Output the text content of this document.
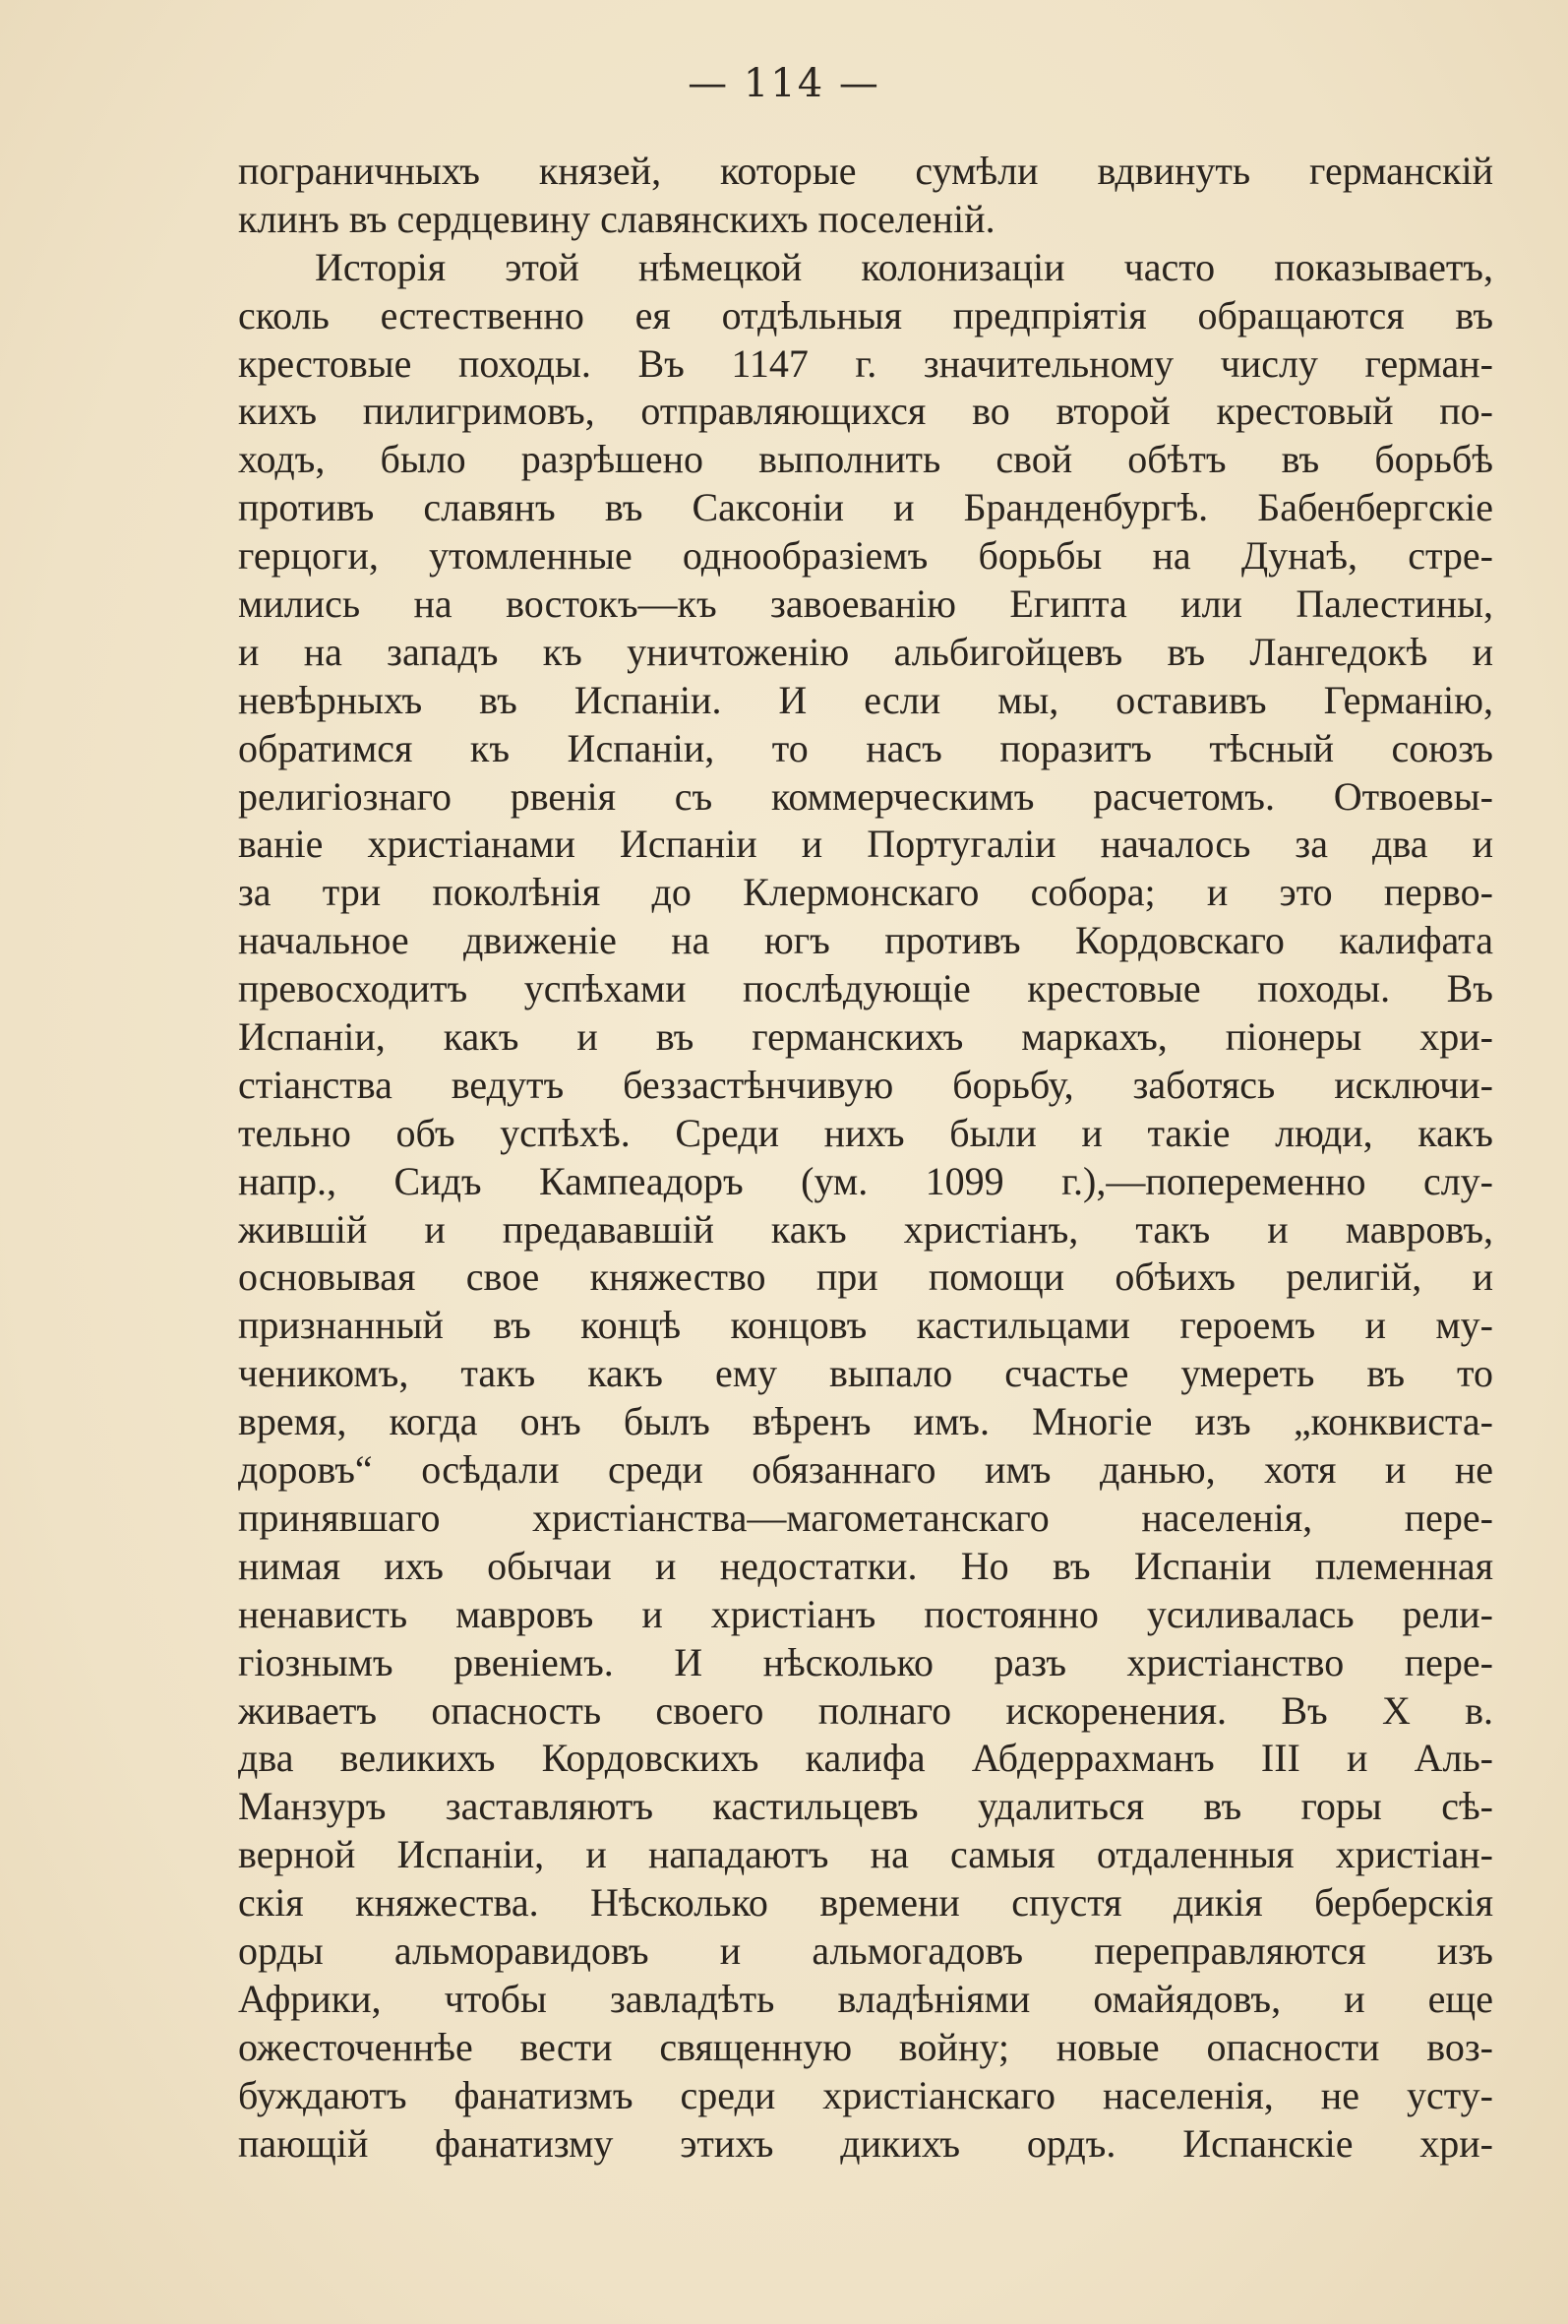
— 114 —
пограничныхъ князей, которые сумѣли вдвинуть германскій
клинъ въ сердцевину славянскихъ поселеній.
Исторія этой нѣмецкой колонизаціи часто показываетъ,
сколь естественно ея отдѣльныя предпріятія обращаются въ
крестовые походы. Въ 1147 г. значительному числу герман-
кихъ пилигримовъ, отправляющихся во второй крестовый по-
ходъ, было разрѣшено выполнить свой обѣтъ въ борьбѣ
противъ славянъ въ Саксоніи и Бранденбургѣ. Бабенбергскіе
герцоги, утомленные однообразіемъ борьбы на Дунаѣ, стре-
мились на востокъ—къ завоеванію Египта или Палестины,
и на западъ къ уничтоженію альбигойцевъ въ Лангедокѣ и
невѣрныхъ въ Испаніи. И если мы, оставивъ Германію,
обратимся къ Испаніи, то насъ поразитъ тѣсный союзъ
религіознаго рвенія съ коммерческимъ расчетомъ. Отвоевы-
ваніе христіанами Испаніи и Португаліи началось за два и
за три поколѣнія до Клермонскаго собора; и это перво-
начальное движеніе на югъ противъ Кордовскаго калифата
превосходитъ успѣхами послѣдующіе крестовые походы. Въ
Испаніи, какъ и въ германскихъ маркахъ, піонеры хри-
стіанства ведутъ беззастѣнчивую борьбу, заботясь исключи-
тельно объ успѣхѣ. Среди нихъ были и такіе люди, какъ
напр., Сидъ Кампеадоръ (ум. 1099 г.),—попеременно слу-
жившій и предававшій какъ христіанъ, такъ и мавровъ,
основывая свое княжество при помощи обѣихъ религій, и
признанный въ концѣ концовъ кастильцами героемъ и му-
ченикомъ, такъ какъ ему выпало счастье умереть въ то
время, когда онъ былъ вѣренъ имъ. Многіе изъ „конквиста-
доровъ“ осѣдали среди обязаннаго имъ данью, хотя и не
принявшаго христіанства—магометанскаго населенія, пере-
нимая ихъ обычаи и недостатки. Но въ Испаніи племенная
ненависть мавровъ и христіанъ постоянно усиливалась рели-
гіознымъ рвеніемъ. И нѣсколько разъ христіанство пере-
живаетъ опасность своего полнаго искоренения. Въ X в.
два великихъ Кордовскихъ калифа Абдеррахманъ III и Аль-
Манзуръ заставляютъ кастильцевъ удалиться въ горы сѣ-
верной Испаніи, и нападаютъ на самыя отдаленныя христіан-
скія княжества. Нѣсколько времени спустя дикія берберскія
орды альморавидовъ и альмогадовъ переправляются изъ
Африки, чтобы завладѣть владѣніями омайядовъ, и еще
ожесточеннѣе вести священную войну; новые опасности воз-
буждаютъ фанатизмъ среди христіанскаго населенія, не усту-
пающій фанатизму этихъ дикихъ ордъ. Испанскіе хри-
